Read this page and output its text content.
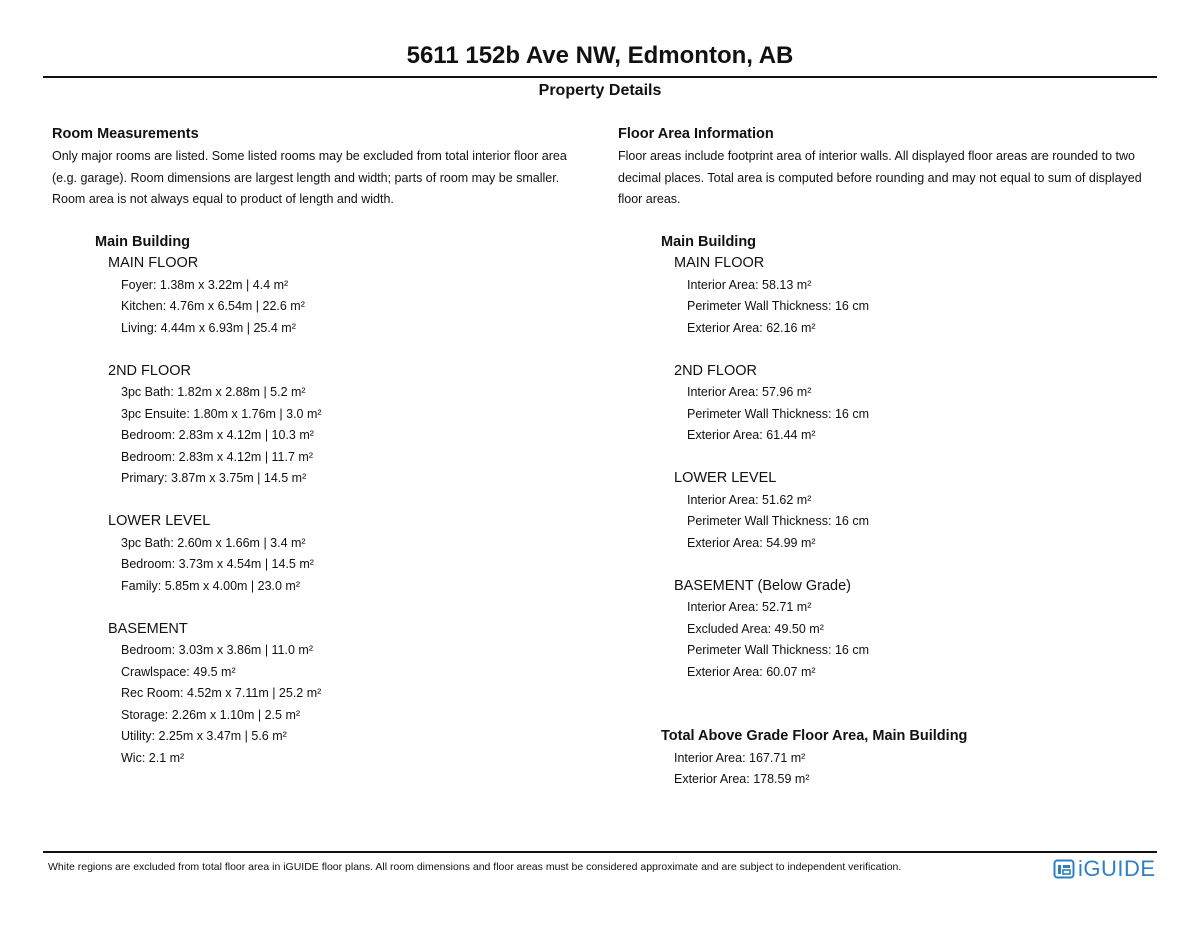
5611 152b Ave NW, Edmonton, AB
Property Details
Room Measurements
Only major rooms are listed. Some listed rooms may be excluded from total interior floor area (e.g. garage). Room dimensions are largest length and width; parts of room may be smaller. Room area is not always equal to product of length and width.
Main Building
MAIN FLOOR
Foyer: 1.38m x 3.22m | 4.4 m²
Kitchen: 4.76m x 6.54m | 22.6 m²
Living: 4.44m x 6.93m | 25.4 m²
2ND FLOOR
3pc Bath: 1.82m x 2.88m | 5.2 m²
3pc Ensuite: 1.80m x 1.76m | 3.0 m²
Bedroom: 2.83m x 4.12m | 10.3 m²
Bedroom: 2.83m x 4.12m | 11.7 m²
Primary: 3.87m x 3.75m | 14.5 m²
LOWER LEVEL
3pc Bath: 2.60m x 1.66m | 3.4 m²
Bedroom: 3.73m x 4.54m | 14.5 m²
Family: 5.85m x 4.00m | 23.0 m²
BASEMENT
Bedroom: 3.03m x 3.86m | 11.0 m²
Crawlspace: 49.5 m²
Rec Room: 4.52m x 7.11m | 25.2 m²
Storage: 2.26m x 1.10m | 2.5 m²
Utility: 2.25m x 3.47m | 5.6 m²
Wic: 2.1 m²
Floor Area Information
Floor areas include footprint area of interior walls. All displayed floor areas are rounded to two decimal places. Total area is computed before rounding and may not equal to sum of displayed floor areas.
Main Building
MAIN FLOOR
Interior Area: 58.13 m²
Perimeter Wall Thickness: 16 cm
Exterior Area: 62.16 m²
2ND FLOOR
Interior Area: 57.96 m²
Perimeter Wall Thickness: 16 cm
Exterior Area: 61.44 m²
LOWER LEVEL
Interior Area: 51.62 m²
Perimeter Wall Thickness: 16 cm
Exterior Area: 54.99 m²
BASEMENT (Below Grade)
Interior Area: 52.71 m²
Excluded Area: 49.50 m²
Perimeter Wall Thickness: 16 cm
Exterior Area: 60.07 m²
Total Above Grade Floor Area, Main Building
Interior Area: 167.71 m²
Exterior Area: 178.59 m²
White regions are excluded from total floor area in iGUIDE floor plans. All room dimensions and floor areas must be considered approximate and are subject to independent verification.	iGUIDE
